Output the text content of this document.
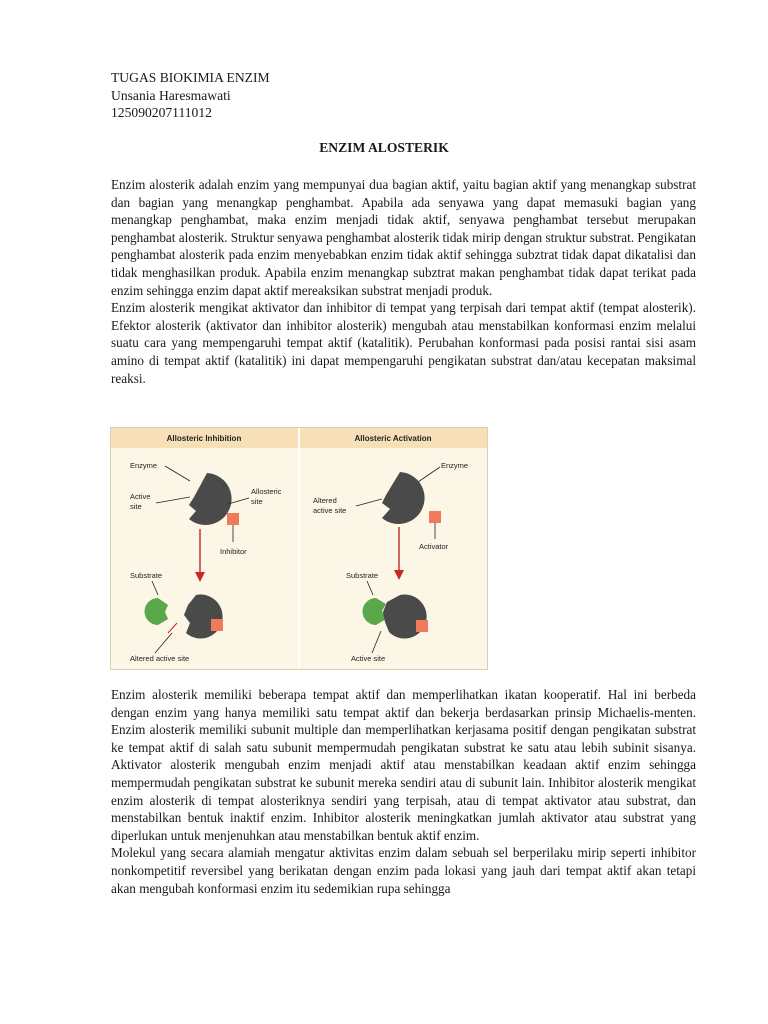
TUGAS BIOKIMIA ENZIM
Unsania Haresmawati
125090207111012
ENZIM ALOSTERIK

Enzim alosterik adalah enzim yang mempunyai dua bagian aktif, yaitu bagian aktif yang menangkap substrat dan bagian yang menangkap penghambat. Apabila ada senyawa yang dapat memasuki bagian yang menangkap penghambat, maka enzim menjadi tidak aktif, senyawa penghambat tersebut merupakan penghambat alosterik. Struktur senyawa penghambat alosterik tidak mirip dengan struktur substrat. Pengikatan penghambat alosterik pada enzim menyebabkan enzim tidak aktif sehingga subztrat tidak dapat dikatalisi dan tidak menghasilkan produk. Apabila enzim menangkap subztrat makan penghambat tidak dapat terikat pada enzim sehingga enzim dapat aktif mereaksikan substrat menjadi produk.

Enzim alosterik mengikat aktivator dan inhibitor di tempat yang terpisah dari tempat aktif (tempat alosterik). Efektor alosterik (aktivator dan inhibitor alosterik) mengubah atau menstabilkan konformasi enzim melalui suatu cara yang mempengaruhi tempat aktif (katalitik). Perubahan konformasi pada posisi rantai sisi asam amino di tempat aktif (katalitik) ini dapat mempengaruhi pengikatan substrat dan/atau kecepatan maksimal reaksi.

Allosteric Inhibition	Allosteric Activation
Enzyme
Active
site
Allosteric
site
Inhibitor
Substrate
Altered active site
Enzyme
Altered
active site
Activator
Substrate
Active site

Enzim alosterik memiliki beberapa tempat aktif dan memperlihatkan ikatan kooperatif. Hal ini berbeda dengan enzim yang hanya memiliki satu tempat aktif dan bekerja berdasarkan prinsip Michaelis-menten. Enzim alosterik memiliki subunit multiple dan memperlihatkan kerjasama positif dengan pengikatan substrat ke tempat aktif di salah satu subunit mempermudah pengikatan substrat ke satu atau lebih subinit sisanya. Aktivator alosterik mengubah enzim menjadi aktif atau menstabilkan keadaan aktif enzim sehingga mempermudah pengikatan substrat ke subunit mereka sendiri atau di subunit lain. Inhibitor alosterik mengikat enzim alosterik di tempat alosteriknya sendiri yang terpisah, atau di tempat aktivator atau substrat, dan menstabilkan bentuk inaktif enzim. Inhibitor alosterik meningkatkan jumlah aktivator atau substrat yang diperlukan untuk menjenuhkan atau menstabilkan bentuk aktif enzim.

Molekul yang secara alamiah mengatur aktivitas enzim dalam sebuah sel berperilaku mirip seperti inhibitor nonkompetitif reversibel yang berikatan dengan enzim pada lokasi yang jauh dari tempat aktif akan tetapi akan mengubah konformasi enzim itu sedemikian rupa sehingga
